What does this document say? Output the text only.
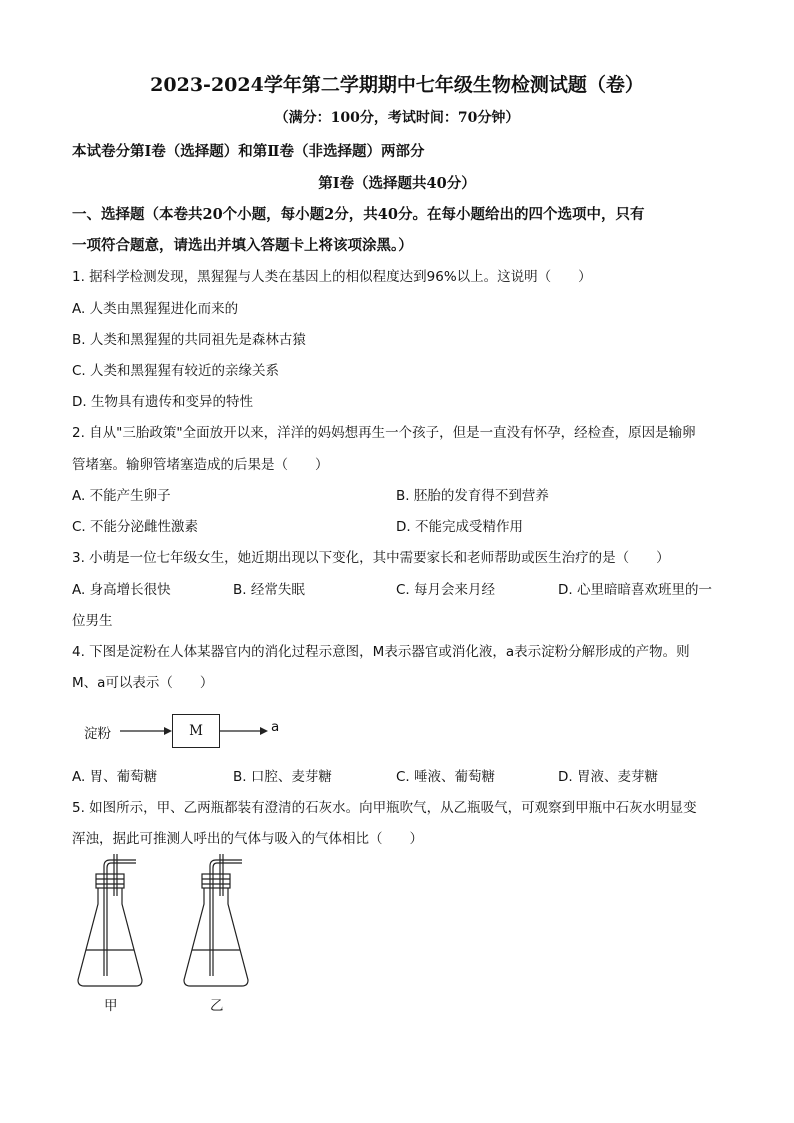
2023-2024学年第二学期期中七年级生物检测试题（卷）
（满分：100分，考试时间：70分钟）
本试卷分第Ⅰ卷（选择题）和第Ⅱ卷（非选择题）两部分
第Ⅰ卷（选择题共40分）
一、选择题（本卷共20个小题，每小题2分，共40分。在每小题给出的四个选项中，只有
一项符合题意，请选出并填入答题卡上将该项涂黑。）
1. 据科学检测发现，黑猩猩与人类在基因上的相似程度达到96%以上。这说明（　　）
A. 人类由黑猩猩进化而来的
B. 人类和黑猩猩的共同祖先是森林古猿
C. 人类和黑猩猩有较近的亲缘关系
D. 生物具有遗传和变异的特性
2. 自从"三胎政策"全面放开以来，洋洋的妈妈想再生一个孩子，但是一直没有怀孕，经检查，原因是输卵
管堵塞。输卵管堵塞造成的后果是（　　）
A. 不能产生卵子	B. 胚胎的发育得不到营养
C. 不能分泌雌性激素	D. 不能完成受精作用
3. 小萌是一位七年级女生，她近期出现以下变化，其中需要家长和老师帮助或医生治疗的是（　　）
A. 身高增长很快	B. 经常失眠	C. 每月会来月经	D. 心里暗暗喜欢班里的一
位男生
4. 下图是淀粉在人体某器官内的消化过程示意图，M表示器官或消化液，a表示淀粉分解形成的产物。则
M、a可以表示（　　）
淀粉	M	a
A. 胃、葡萄糖	B. 口腔、麦芽糖	C. 唾液、葡萄糖	D. 胃液、麦芽糖
5. 如图所示，甲、乙两瓶都装有澄清的石灰水。向甲瓶吹气，从乙瓶吸气，可观察到甲瓶中石灰水明显变
浑浊，据此可推测人呼出的气体与吸入的气体相比（　　）
甲	乙
